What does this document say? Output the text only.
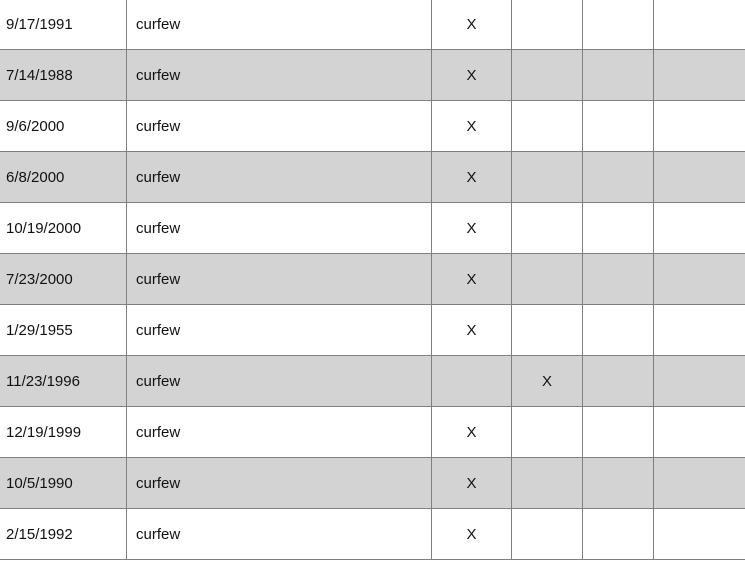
9/17/1991	curfew	X			
7/14/1988	curfew	X			
9/6/2000	curfew	X			
6/8/2000	curfew	X			
10/19/2000	curfew	X			
7/23/2000	curfew	X			
1/29/1955	curfew	X			
11/23/1996	curfew		X		
12/19/1999	curfew	X			
10/5/1990	curfew	X			
2/15/1992	curfew	X			
